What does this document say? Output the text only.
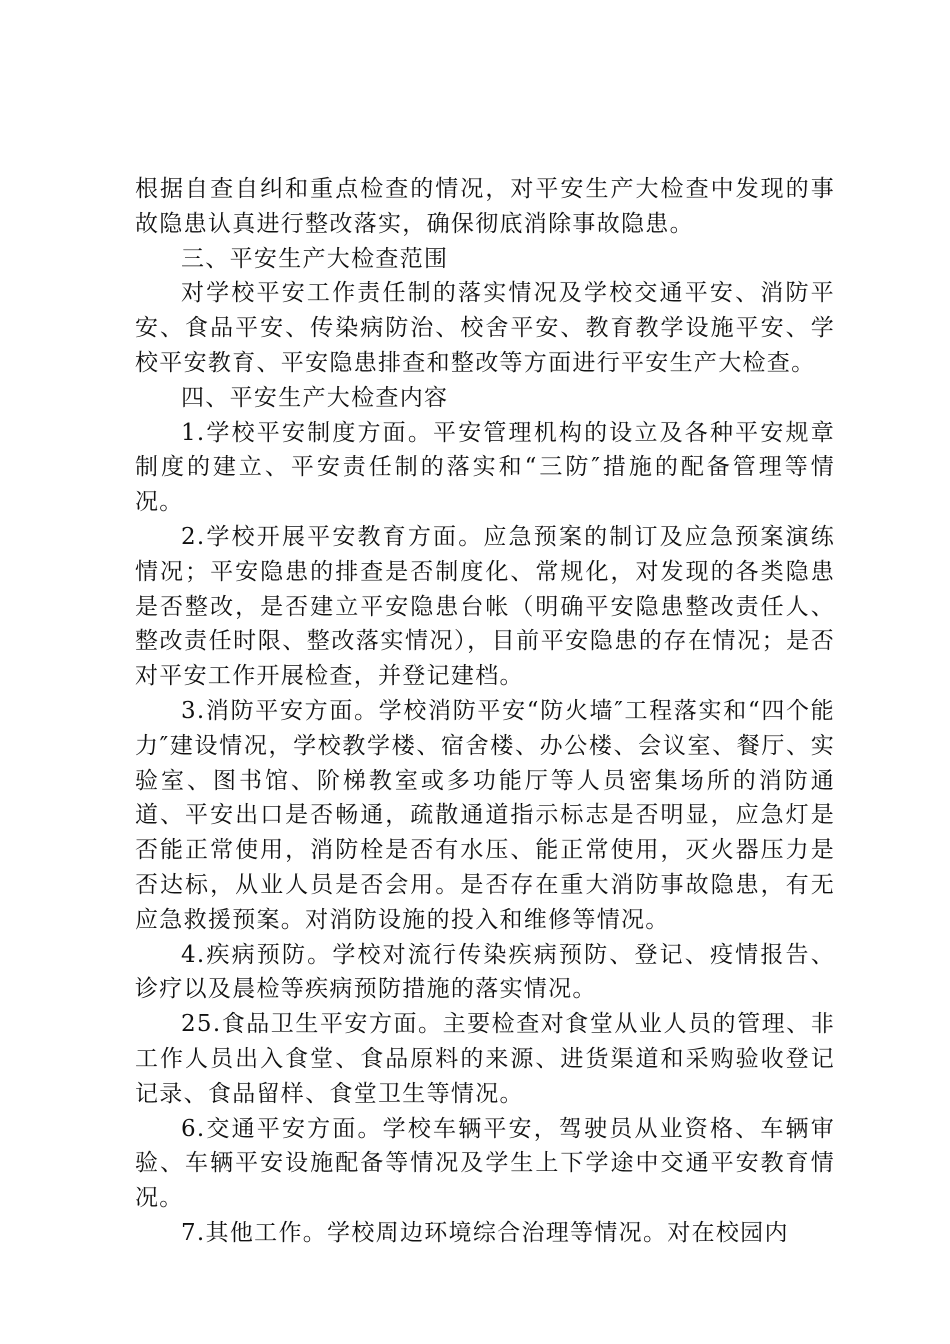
根据自查自纠和重点检查的情况，对平安生产大检查中发现的事故隐患认真进行整改落实，确保彻底消除事故隐患。

三、平安生产大检查范围

对学校平安工作责任制的落实情况及学校交通平安、消防平安、食品平安、传染病防治、校舍平安、教育教学设施平安、学校平安教育、平安隐患排查和整改等方面进行平安生产大检查。

四、平安生产大检查内容

1.学校平安制度方面。平安管理机构的设立及各种平安规章制度的建立、平安责任制的落实和“三防″措施的配备管理等情况。

2.学校开展平安教育方面。应急预案的制订及应急预案演练情况；平安隐患的排查是否制度化、常规化，对发现的各类隐患是否整改，是否建立平安隐患台帐（明确平安隐患整改责任人、整改责任时限、整改落实情况），目前平安隐患的存在情况；是否对平安工作开展检查，并登记建档。

3.消防平安方面。学校消防平安“防火墙″工程落实和“四个能力″建设情况，学校教学楼、宿舍楼、办公楼、会议室、餐厅、实验室、图书馆、阶梯教室或多功能厅等人员密集场所的消防通道、平安出口是否畅通，疏散通道指示标志是否明显，应急灯是否能正常使用，消防栓是否有水压、能正常使用，灭火器压力是否达标，从业人员是否会用。是否存在重大消防事故隐患，有无应急救援预案。对消防设施的投入和维修等情况。

4.疾病预防。学校对流行传染疾病预防、登记、疫情报告、诊疗以及晨检等疾病预防措施的落实情况。

25.食品卫生平安方面。主要检查对食堂从业人员的管理、非工作人员出入食堂、食品原料的来源、进货渠道和采购验收登记记录、食品留样、食堂卫生等情况。

6.交通平安方面。学校车辆平安，驾驶员从业资格、车辆审验、车辆平安设施配备等情况及学生上下学途中交通平安教育情况。

7.其他工作。学校周边环境综合治理等情况。对在校园内
